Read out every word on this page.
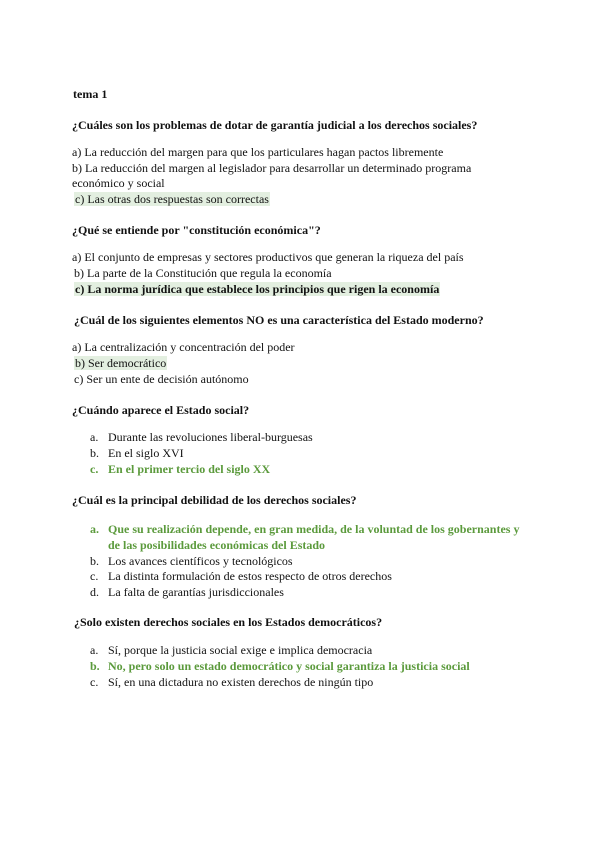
tema 1
¿Cuáles son los problemas de dotar de garantía judicial a los derechos sociales?
a) La reducción del margen para que los particulares hagan pactos libremente
b) La reducción del margen al legislador para desarrollar un determinado programa
económico y social
c) Las otras dos respuestas son correctas
¿Qué se entiende por "constitución económica"?
a) El conjunto de empresas y sectores productivos que generan la riqueza del país
b) La parte de la Constitución que regula la economía
c) La norma jurídica que establece los principios que rigen la economía
¿Cuál de los siguientes elementos NO es una característica del Estado moderno?
a) La centralización y concentración del poder
b) Ser democrático
c) Ser un ente de decisión autónomo
¿Cuándo aparece el Estado social?
a. Durante las revoluciones liberal-burguesas
b. En el siglo XVI
c. En el primer tercio del siglo XX
¿Cuál es la principal debilidad de los derechos sociales?
a. Que su realización depende, en gran medida, de la voluntad de los gobernantes y
de las posibilidades económicas del Estado
b. Los avances científicos y tecnológicos
c. La distinta formulación de estos respecto de otros derechos
d. La falta de garantías jurisdiccionales
¿Solo existen derechos sociales en los Estados democráticos?
a. Sí, porque la justicia social exige e implica democracia
b. No, pero solo un estado democrático y social garantiza la justicia social
c. Sí, en una dictadura no existen derechos de ningún tipo
